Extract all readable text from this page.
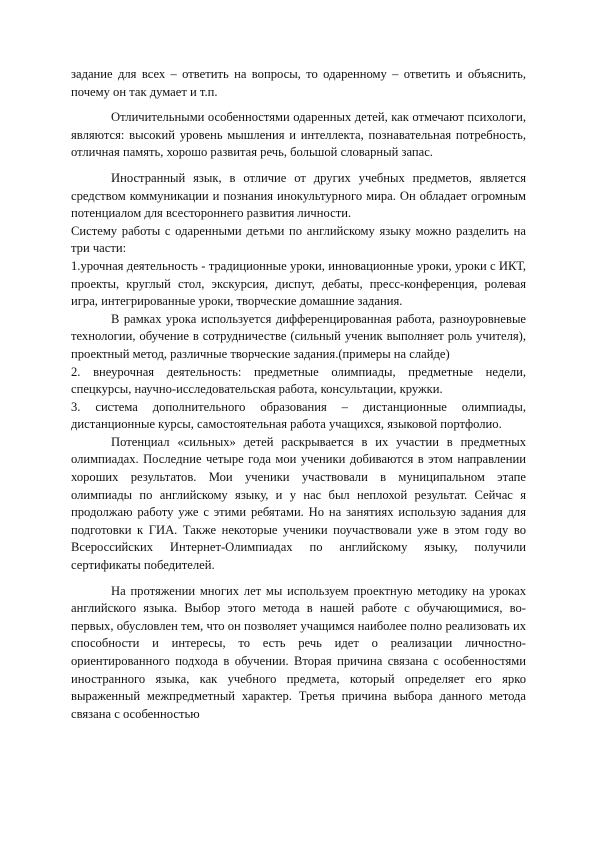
задание для всех – ответить на вопросы, то одаренному – ответить и объяснить, почему он так думает и т.п.

Отличительными особенностями одаренных детей, как отмечают психологи, являются: высокий уровень мышления и интеллекта, познавательная потребность, отличная память, хорошо развитая речь, большой словарный запас.

Иностранный язык, в отличие от других учебных предметов, является средством коммуникации и познания инокультурного мира. Он обладает огромным потенциалом для всестороннего развития личности.

Систему работы с одаренными детьми по английскому языку можно разделить на три части:

1.урочная деятельность - традиционные уроки, инновационные уроки, уроки с ИКТ, проекты, круглый стол, экскурсия, диспут, дебаты, пресс-конференция, ролевая игра, интегрированные уроки, творческие домашние задания.

В рамках урока используется дифференцированная работа, разноуровневые технологии, обучение в сотрудничестве (сильный ученик выполняет роль учителя), проектный метод, различные творческие задания.(примеры на слайде)

2. внеурочная деятельность: предметные олимпиады, предметные недели, спецкурсы, научно-исследовательская работа, консультации, кружки.

3. система дополнительного образования – дистанционные олимпиады, дистанционные курсы, самостоятельная работа учащихся, языковой портфолио.

Потенциал «сильных» детей раскрывается в их участии в предметных олимпиадах. Последние четыре года мои ученики добиваются в этом направлении хороших результатов. Мои ученики участвовали в муниципальном этапе олимпиады по английскому языку, и у нас был неплохой результат. Сейчас я продолжаю работу уже с этими ребятами. Но на занятиях использую задания для подготовки к ГИА. Также некоторые ученики поучаствовали уже в этом году во Всероссийских Интернет-Олимпиадах по английскому языку, получили сертификаты победителей.

На протяжении многих лет мы используем проектную методику на уроках английского языка. Выбор этого метода в нашей работе с обучающимися, во-первых, обусловлен тем, что он позволяет учащимся наиболее полно реализовать их способности и интересы, то есть речь идет о реализации личностно-ориентированного подхода в обучении. Вторая причина связана с особенностями иностранного языка, как учебного предмета, который определяет его ярко выраженный межпредметный характер. Третья причина выбора данного метода связана с особенностью
